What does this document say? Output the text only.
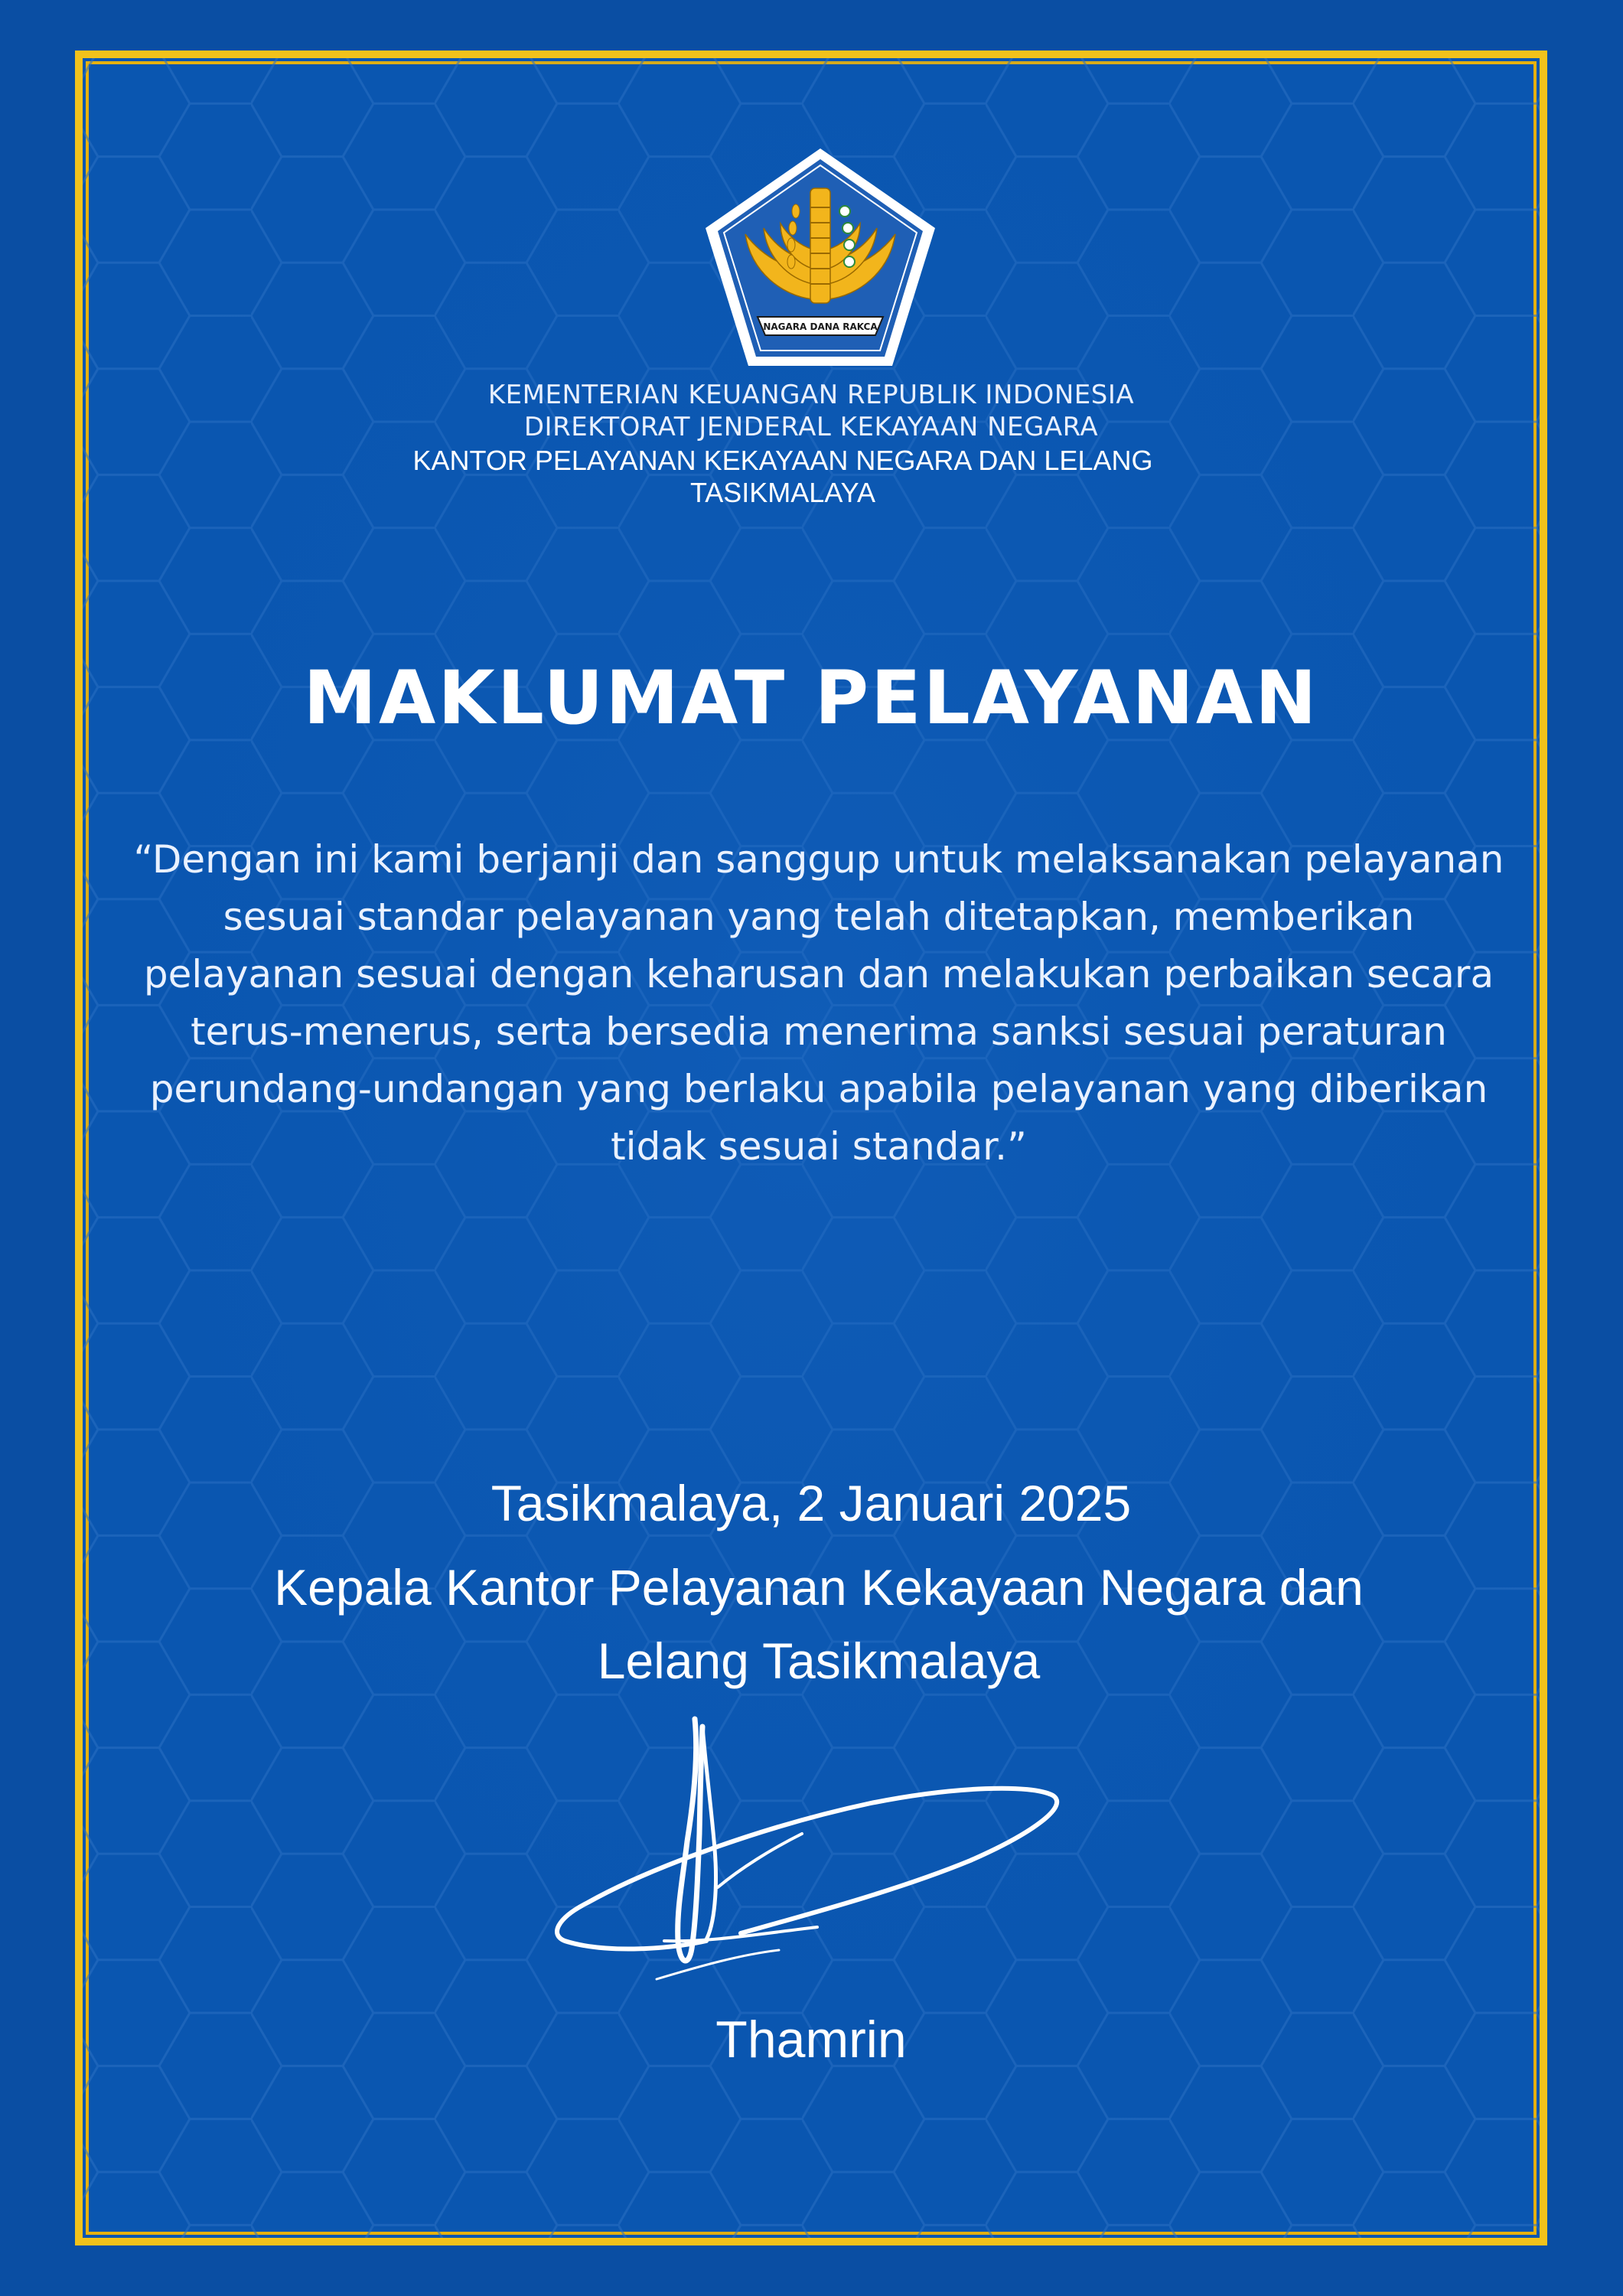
NAGARA DANA RAKCA

KEMENTERIAN KEUANGAN REPUBLIK INDONESIA

DIREKTORAT JENDERAL KEKAYAAN NEGARA

KANTOR PELAYANAN KEKAYAAN NEGARA DAN LELANG TASIKMALAYA

MAKLUMAT PELAYANAN

“Dengan ini kami berjanji dan sanggup untuk melaksanakan pelayanan sesuai standar pelayanan yang telah ditetapkan, memberikan pelayanan sesuai dengan keharusan dan melakukan perbaikan secara terus-menerus, serta bersedia menerima sanksi sesuai peraturan perundang-undangan yang berlaku apabila pelayanan yang diberikan tidak sesuai standar.”

Tasikmalaya, 2 Januari 2025

Kepala Kantor Pelayanan Kekayaan Negara dan Lelang Tasikmalaya

Thamrin
